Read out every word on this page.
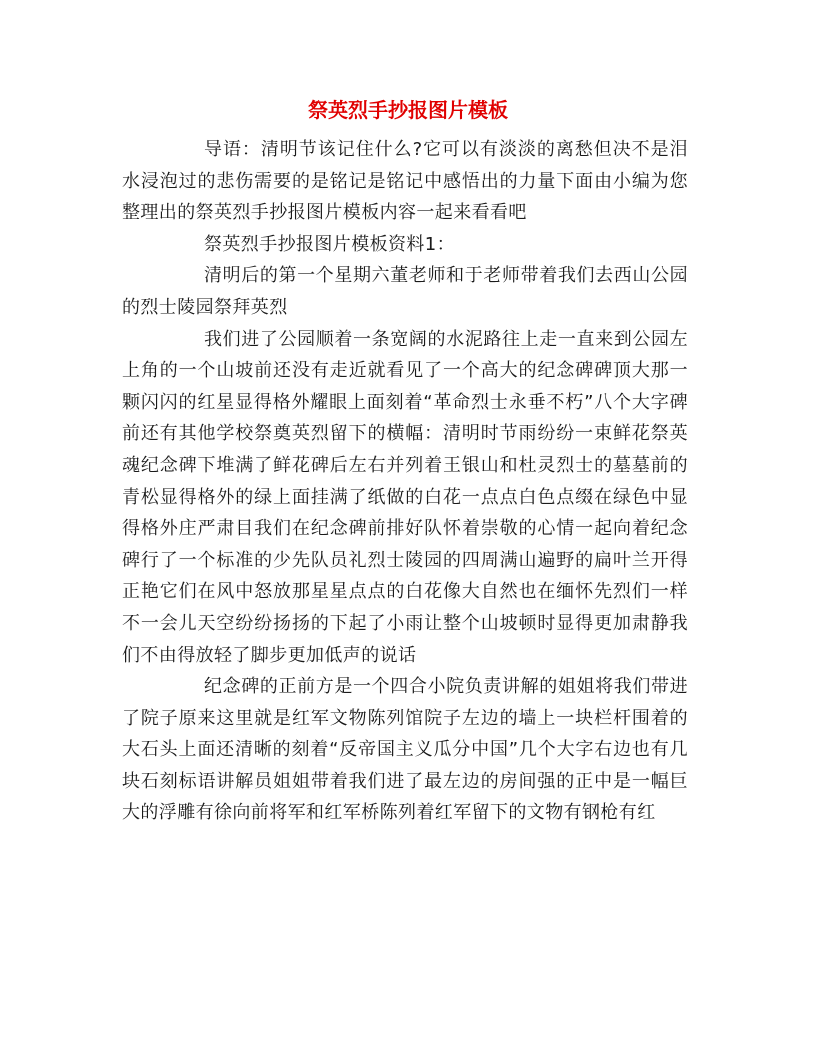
祭英烈手抄报图片模板

导语：清明节该记住什么?它可以有淡淡的离愁但决不是泪水浸泡过的悲伤需要的是铭记是铭记中感悟出的力量下面由小编为您整理出的祭英烈手抄报图片模板内容一起来看看吧

祭英烈手抄报图片模板资料1：

清明后的第一个星期六董老师和于老师带着我们去西山公园的烈士陵园祭拜英烈

我们进了公园顺着一条宽阔的水泥路往上走一直来到公园左上角的一个山坡前还没有走近就看见了一个高大的纪念碑碑顶大那一颗闪闪的红星显得格外耀眼上面刻着“革命烈士永垂不朽”八个大字碑前还有其他学校祭奠英烈留下的横幅：清明时节雨纷纷一束鲜花祭英魂纪念碑下堆满了鲜花碑后左右并列着王银山和杜灵烈士的墓墓前的青松显得格外的绿上面挂满了纸做的白花一点点白色点缀在绿色中显得格外庄严肃目我们在纪念碑前排好队怀着崇敬的心情一起向着纪念碑行了一个标准的少先队员礼烈士陵园的四周满山遍野的扁叶兰开得正艳它们在风中怒放那星星点点的白花像大自然也在缅怀先烈们一样不一会儿天空纷纷扬扬的下起了小雨让整个山坡顿时显得更加肃静我们不由得放轻了脚步更加低声的说话

纪念碑的正前方是一个四合小院负责讲解的姐姐将我们带进了院子原来这里就是红军文物陈列馆院子左边的墙上一块栏杆围着的大石头上面还清晰的刻着“反帝国主义瓜分中国”几个大字右边也有几块石刻标语讲解员姐姐带着我们进了最左边的房间强的正中是一幅巨大的浮雕有徐向前将军和红军桥陈列着红军留下的文物有钢枪有红
